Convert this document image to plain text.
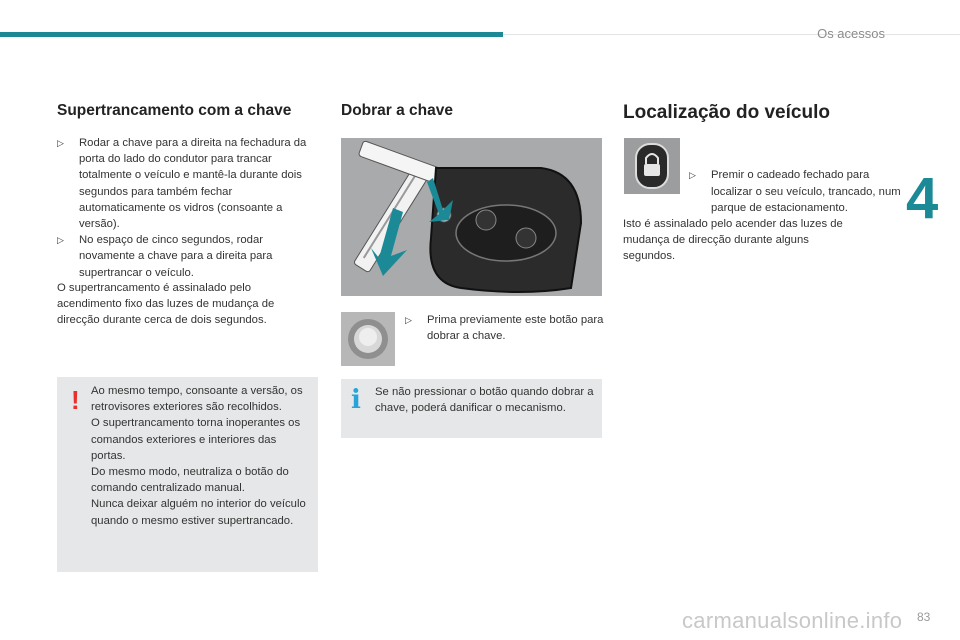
Os acessos
4
83
Supertrancamento com a chave
▷ Rodar a chave para a direita na fechadura da porta do lado do condutor para trancar totalmente o veículo e mantê-la durante dois segundos para também fechar automaticamente os vidros (consoante a versão).
▷ No espaço de cinco segundos, rodar novamente a chave para a direita para supertrancar o veículo.
O supertrancamento é assinalado pelo acendimento fixo das luzes de mudança de direcção durante cerca de dois segundos.
! Ao mesmo tempo, consoante a versão, os retrovisores exteriores são recolhidos.
O supertrancamento torna inoperantes os comandos exteriores e interiores das portas.
Do mesmo modo, neutraliza o botão do comando centralizado manual.
Nunca deixar alguém no interior do veículo quando o mesmo estiver supertrancado.
Dobrar a chave
▷ Prima previamente este botão para dobrar a chave.
i Se não pressionar o botão quando dobrar a chave, poderá danificar o mecanismo.
Localização do veículo
▷ Premir o cadeado fechado para localizar o seu veículo, trancado, num parque de estacionamento.
Isto é assinalado pelo acender das luzes de mudança de direcção durante alguns segundos.
carmanualsonline.info
